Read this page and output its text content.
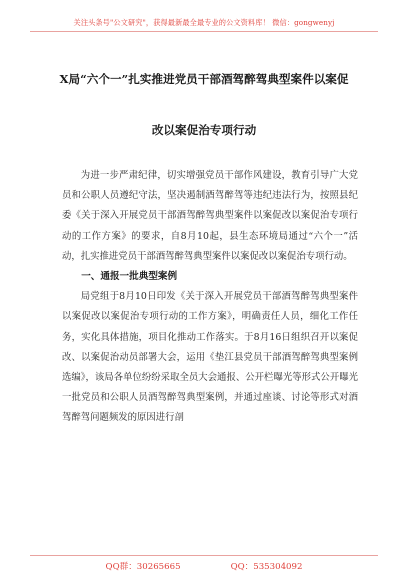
关注头条号"公文研究"，获得最新最全最专业的公文资料库！ 微信：gongwenyj
X局“六个一”扎实推进党员干部酒驾醉驾典型案件以案促
改以案促治专项行动

为进一步严肃纪律，切实增强党员干部作风建设，教育引导广大党员和公职人员遵纪守法，坚决遏制酒驾醉驾等违纪违法行为，按照县纪委《关于深入开展党员干部酒驾醉驾典型案件以案促改以案促治专项行动的工作方案》的要求，自8月10起，县生态环境局通过“六个一”活动，扎实推进党员干部酒驾醉驾典型案件以案促改以案促治专项行动。

一、通报一批典型案例

局党组于8月10日印发《关于深入开展党员干部酒驾醉驾典型案件以案促改以案促治专项行动的工作方案》，明确责任人员，细化工作任务，实化具体措施，项目化推动工作落实。于8月16日组织召开以案促改、以案促治动员部署大会，运用《垫江县党员干部酒驾醉驾典型案例选编》，该局各单位纷纷采取全员大会通报、公开栏曝光等形式公开曝光一批党员和公职人员酒驾醉驾典型案例，并通过座谈、讨论等形式对酒驾醉驾问题频发的原因进行剖

QQ群：30265665	QQ：535304092
